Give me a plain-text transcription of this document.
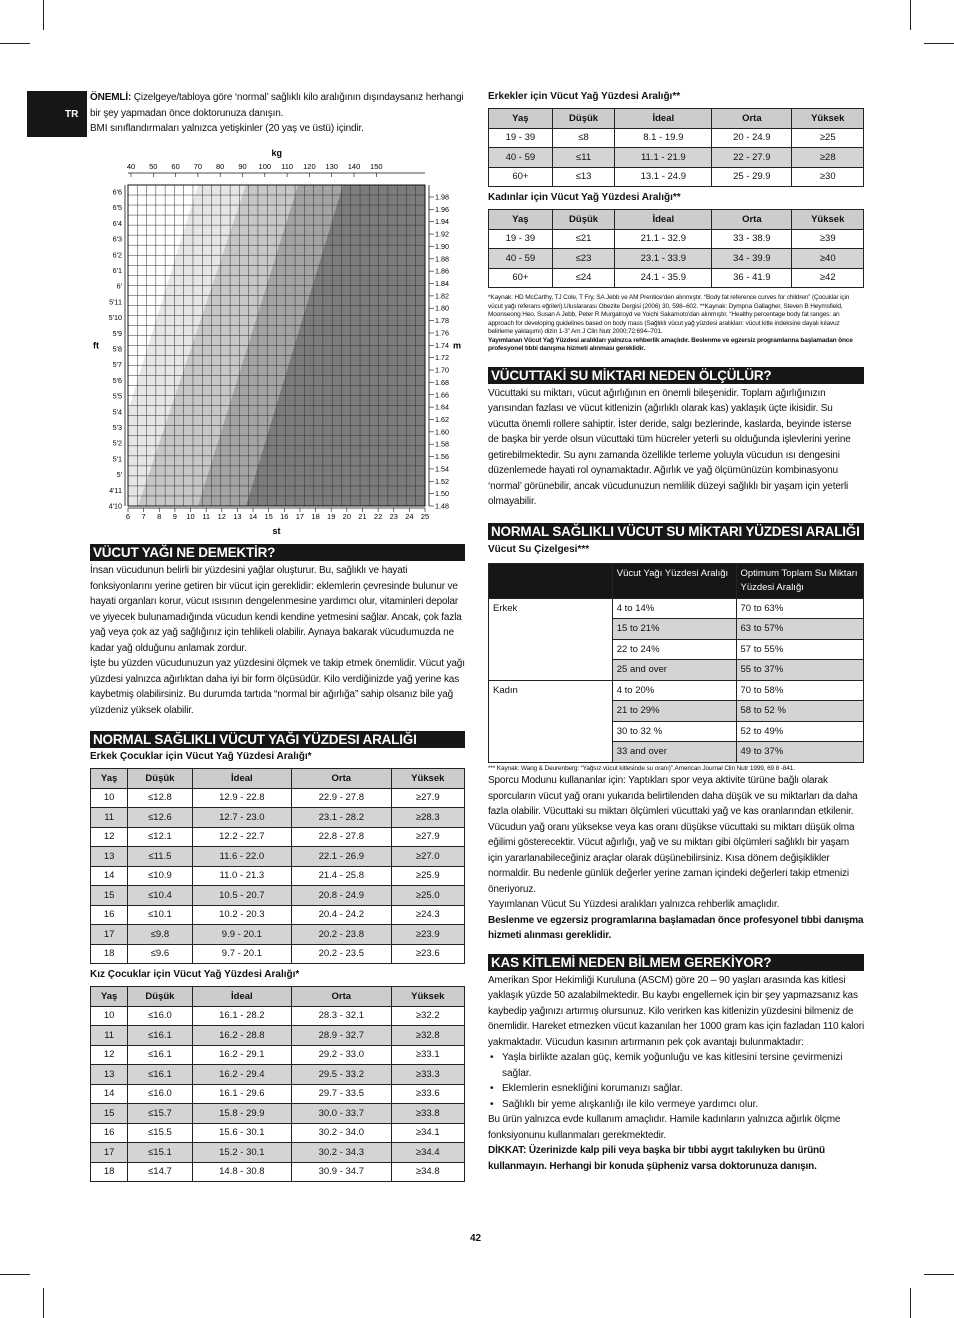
TR

ÖNEMLİ: Çizelgeye/tabloya göre ‘normal’ sağlıklı kilo aralığının dışındaysanız herhangi bir şey yapmadan önce doktorunuza danışın.

BMI sınıflandırmaları yalnızca yetişkinler (20 yaş ve üstü) içindir.

kg
40 50 60 70 80 90 100 110 120 130 140 150
6 7 8 9 10 11 12 13 14 15 16 17 18 19 20 21 22 23 24 25
st
6'6
6'5
6'4
6'3
6'2
6'1
6'
5'11
5'10
5'9
5'8
5'7
5'6
5'5
5'4
5'3
5'2
5'1
5'
4'11
4'10
ft
1.98
1.96
1.94
1.92
1.90
1.88
1.86
1.84
1.82
1.80
1.78
1.76
1.74
1.72
1.70
1.68
1.66
1.64
1.62
1.60
1.58
1.56
1.54
1.52
1.50
1.48
m
VÜCUT YAĞI NE DEMEKTİR?

İnsan vücudunun belirli bir yüzdesini yağlar oluşturur. Bu, sağlıklı ve hayati fonksiyonlarını yerine getiren bir vücut için gereklidir: eklemlerin çevresinde bulunur ve hayati organları korur, vücut ısısının dengelenmesine yardımcı olur, vitaminleri depolar ve yiyecek bulunamadığında vücudun kendi kendine yetmesini sağlar. Ancak, çok fazla yağ veya çok az yağ sağlığınız için tehlikeli olabilir. Aynaya bakarak vücudumuzda ne kadar yağ olduğunu anlamak zordur.

İşte bu yüzden vücudunuzun yaz yüzdesini ölçmek ve takip etmek önemlidir. Vücut yağı yüzdesi yalnızca ağırlıktan daha iyi bir form ölçüsüdür. Kilo verdiğinizde yağ yerine kas kaybetmiş olabilirsiniz. Bu durumda tartıda “normal bir ağırlığa” sahip olsanız bile yağ yüzdeniz yüksek olabilir.

NORMAL SAĞLIKLI VÜCUT YAĞI YÜZDESI ARALIĞI
Erkek Çocuklar için Vücut Yağ Yüzdesi Aralığı*
Yaş	Düşük	İdeal	Orta	Yüksek
10	≤12.8	12.9 - 22.8	22.9 - 27.8	≥27.9
11	≤12.6	12.7 - 23.0	23.1 - 28.2	≥28.3
12	≤12.1	12.2 - 22.7	22.8 - 27.8	≥27.9
13	≤11.5	11.6 - 22.0	22.1 - 26.9	≥27.0
14	≤10.9	11.0 - 21.3	21.4 - 25.8	≥25.9
15	≤10.4	10.5 - 20.7	20.8 - 24.9	≥25.0
16	≤10.1	10.2 - 20.3	20.4 - 24.2	≥24.3
17	≤9.8	9.9 - 20.1	20.2 - 23.8	≥23.9
18	≤9.6	9.7 - 20.1	20.2 - 23.5	≥23.6
Kız Çocuklar için Vücut Yağ Yüzdesi Aralığı*
Yaş	Düşük	İdeal	Orta	Yüksek
10	≤16.0	16.1 - 28.2	28.3 - 32.1	≥32.2
11	≤16.1	16.2 - 28.8	28.9 - 32.7	≥32.8
12	≤16.1	16.2 - 29.1	29.2 - 33.0	≥33.1
13	≤16.1	16.2 - 29.4	29.5 - 33.2	≥33.3
14	≤16.0	16.1 - 29.6	29.7 - 33.5	≥33.6
15	≤15.7	15.8 - 29.9	30.0 - 33.7	≥33.8
16	≤15.5	15.6 - 30.1	30.2 - 34.0	≥34.1
17	≤15.1	15.2 - 30.1	30.2 - 34.3	≥34.4
18	≤14.7	14.8 - 30.8	30.9 - 34.7	≥34.8
Erkekler için Vücut Yağ Yüzdesi Aralığı**
Yaş	Düşük	İdeal	Orta	Yüksek
19 - 39	≤8	8.1 - 19.9	20 - 24.9	≥25
40 - 59	≤11	11.1 - 21.9	22 - 27.9	≥28
60+	≤13	13.1 - 24.9	25 - 29.9	≥30
Kadınlar için Vücut Yağ Yüzdesi Aralığı**
Yaş	Düşük	İdeal	Orta	Yüksek
19 - 39	≤21	21.1 - 32.9	33 - 38.9	≥39
40 - 59	≤23	23.1 - 33.9	34 - 39.9	≥40
60+	≤24	24.1 - 35.9	36 - 41.9	≥42

*Kaynak: HD McCarthy, TJ Cole, T Fry, SA Jebb ve AM Prentice'den alınmıştır. “Body fat reference curves for children” (Çocuklar için vücut yağı referans eğrileri).Uluslararası Obezite Dergisi (2006) 30, 598–602. **Kaynak: Dympna Gallagher, Steven B Heymsfield, Moonseong Heo, Susan A Jebb, Peter R Murgatroyd ve Yoichi Sakamoto'dan alınmıştır. “Healthy percentage body fat ranges: an approach for developing guidelines based on body mass (Sağlıklı vücut yağ yüzdesi aralıkları: vücut kitle indeksine dayalı kılavuz belirleme yaklaşımı) dizin 1-3” Am J Clin Nutr 2000;72:694–701.

Yayımlanan Vücut Yağ Yüzdesi aralıkları yalnızca rehberlik amaçlıdır. Beslenme ve egzersiz programlarına başlamadan önce profesyonel tıbbi danışma hizmeti alınması gereklidir.

VÜCUTTAKİ SU MİKTARI NEDEN ÖLÇÜLÜR?

Vücuttaki su miktarı, vücut ağırlığının en önemli bileşenidir. Toplam ağırlığınızın yarısından fazlası ve vücut kitlenizin (ağırlıklı olarak kas) yaklaşık üçte ikisidir. Su vücutta önemli rollere sahiptir. İster deride, salgı bezlerinde, kaslarda, beyinde isterse de başka bir yerde olsun vücuttaki tüm hücreler yeterli su olduğunda işlevlerini yerine getirebilmektedir. Su aynı zamanda özellikle terleme yoluyla vücudun ısı dengesini düzenlemede hayati rol oynamaktadır. Ağırlık ve yağ ölçümünüzün kombinasyonu ‘normal’ görünebilir, ancak vücudunuzun nemlilik düzeyi sağlıklı bir yaşam için yeterli olmayabilir.

NORMAL SAĞLIKLI VÜCUT SU MİKTARI YÜZDESI ARALIĞI
Vücut Su Çizelgesi***
	Vücut Yağı Yüzdesi Aralığı	Optimum Toplam Su Miktarı Yüzdesi Aralığı
Erkek	4 to 14%	70 to 63%
	15 to 21%	63 to 57%
	22 to 24%	57 to 55%
	25 and over	55 to 37%
Kadın	4 to 20%	70 to 58%
	21 to 29%	58 to 52 %
	30 to 32 %	52 to 49%
	33 and over	49 to 37%

*** Kaynak: Wang & Deurenberg: “Yağsız vücut kitlesinde su oranı)”.American Journal Clin Nutr 1999, 69 8 -841.

Sporcu Modunu kullananlar için: Yaptıkları spor veya aktivite türüne bağlı olarak sporcuların vücut yağ oranı yukarıda belirtilenden daha düşük ve su miktarları da daha fazla olabilir. Vücuttaki su miktarı ölçümleri vücuttaki yağ ve kas oranlarından etkilenir. Vücudun yağ oranı yüksekse veya kas oranı düşükse vücuttaki su miktarı düşük olma eğilimi gösterecektir. Vücut ağırlığı, yağ ve su miktarı gibi ölçümleri sağlıklı bir yaşam için yararlanabileceğiniz araçlar olarak düşünebilirsiniz. Kısa dönem değişiklikler normaldir. Bu nedenle günlük değerler yerine zaman içindeki değerleri takip etmenizi öneriyoruz.

Yayımlanan Vücut Su Yüzdesi aralıkları yalnızca rehberlik amaçlıdır.

Beslenme ve egzersiz programlarına başlamadan önce profesyonel tıbbi danışma hizmeti alınması gereklidir.

KAS KİTLEMİ NEDEN BİLMEM GEREKİYOR?

Amerikan Spor Hekimliği Kuruluna (ASCM) göre 20 – 90 yaşları arasında kas kitlesi yaklaşık yüzde 50 azalabilmektedir. Bu kaybı engellemek için bir şey yapmazsanız kas kaybedip yağınızı artırmış olursunuz. Kilo verirken kas kitlenizin yüzdesini bilmeniz de önemlidir. Hareket etmezken vücut kazanılan her 1000 gram kas için fazladan 110 kalori yakmaktadır. Vücudun kasının artırmanın pek çok avantajı bulunmaktadır:

• Yaşla birlikte azalan güç, kemik yoğunluğu ve kas kitlesini tersine çevirmenizi sağlar.
• Eklemlerin esnekliğini korumanızı sağlar.
• Sağlıklı bir yeme alışkanlığı ile kilo vermeye yardımcı olur.

Bu ürün yalnızca evde kullanım amaçlıdır. Hamile kadınların yalnızca ağırlık ölçme fonksiyonunu kullanmaları gerekmektedir.

DİKKAT: Üzerinizde kalp pili veya başka bir tıbbi aygıt takılıyken bu ürünü kullanmayın. Herhangi bir konuda şüpheniz varsa doktorunuza danışın.

42
